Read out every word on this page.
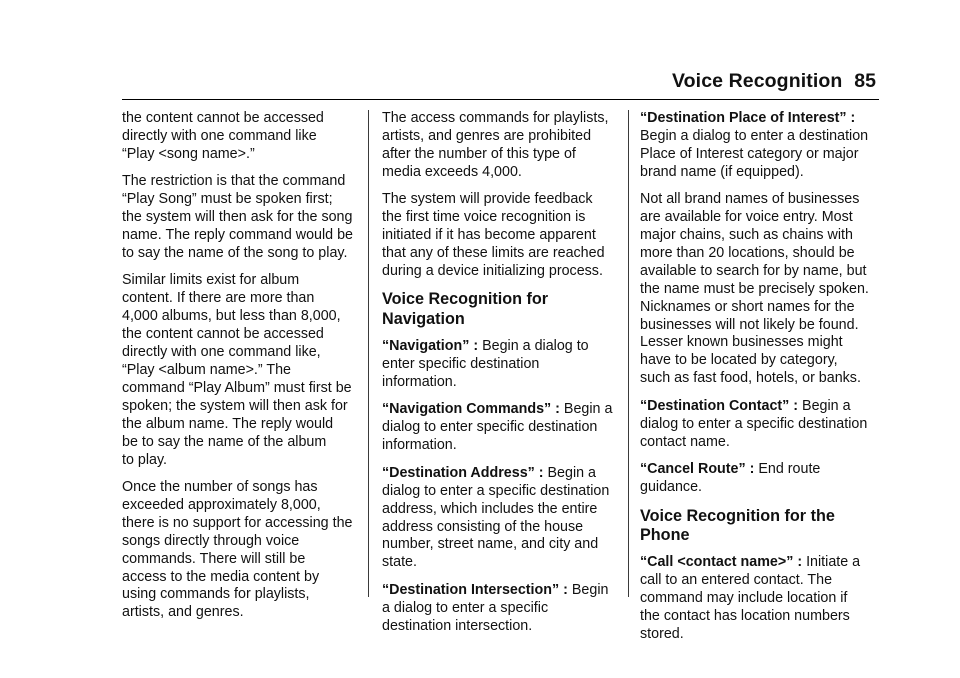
Voice Recognition 85

the content cannot be accessed
directly with one command like
“Play <song name>.”

The restriction is that the command
“Play Song” must be spoken first;
the system will then ask for the song
name. The reply command would be
to say the name of the song to play.

Similar limits exist for album
content. If there are more than
4,000 albums, but less than 8,000,
the content cannot be accessed
directly with one command like,
“Play <album name>.” The
command “Play Album” must first be
spoken; the system will then ask for
the album name. The reply would
be to say the name of the album
to play.

Once the number of songs has
exceeded approximately 8,000,
there is no support for accessing the
songs directly through voice
commands. There will still be
access to the media content by
using commands for playlists,
artists, and genres.

The access commands for playlists,
artists, and genres are prohibited
after the number of this type of
media exceeds 4,000.

The system will provide feedback
the first time voice recognition is
initiated if it has become apparent
that any of these limits are reached
during a device initializing process.

Voice Recognition for
Navigation

“Navigation” : Begin a dialog to
enter specific destination
information.

“Navigation Commands” : Begin a
dialog to enter specific destination
information.

“Destination Address” : Begin a
dialog to enter a specific destination
address, which includes the entire
address consisting of the house
number, street name, and city and
state.

“Destination Intersection” : Begin
a dialog to enter a specific
destination intersection.

“Destination Place of Interest” :
Begin a dialog to enter a destination
Place of Interest category or major
brand name (if equipped).

Not all brand names of businesses
are available for voice entry. Most
major chains, such as chains with
more than 20 locations, should be
available to search for by name, but
the name must be precisely spoken.
Nicknames or short names for the
businesses will not likely be found.
Lesser known businesses might
have to be located by category,
such as fast food, hotels, or banks.

“Destination Contact” : Begin a
dialog to enter a specific destination
contact name.

“Cancel Route” : End route
guidance.

Voice Recognition for the
Phone

“Call <contact name>” : Initiate a
call to an entered contact. The
command may include location if
the contact has location numbers
stored.
